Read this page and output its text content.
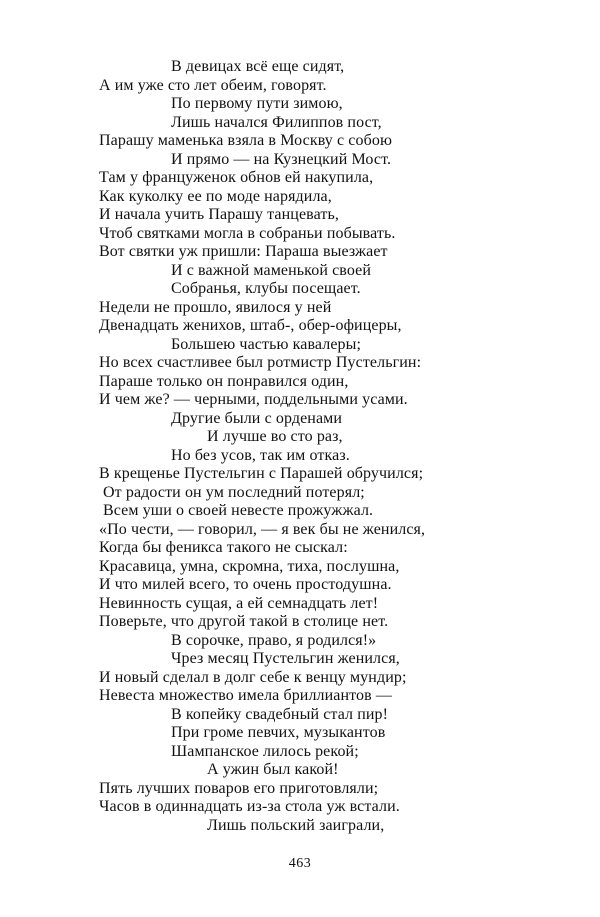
В девицах всё еще сидят,
А им уже сто лет обеим, говорят.
По первому пути зимою,
Лишь начался Филиппов пост,
Парашу маменька взяла в Москву с собою
И прямо — на Кузнецкий Мост.
Там у француженок обнов ей накупила,
Как куколку ее по моде нарядила,
И начала учить Парашу танцевать,
Чтоб святками могла в собраньи побывать.
Вот святки уж пришли: Параша выезжает
И с важной маменькой своей
Собранья, клубы посещает.
Недели не прошло, явилося у ней
Двенадцать женихов, штаб-, обер-офицеры,
Большею частью кавалеры;
Но всех счастливее был ротмистр Пустельгин:
Параше только он понравился один,
И чем же? — черными, поддельными усами.
Другие были с орденами
И лучше во сто раз,
Но без усов, так им отказ.
В крещенье Пустельгин с Парашей обручился;
От радости он ум последний потерял;
Всем уши о своей невесте прожужжал.
«По чести, — говорил, — я век бы не женился,
Когда бы феникса такого не сыскал:
Красавица, умна, скромна, тиха, послушна,
И что милей всего, то очень простодушна.
Невинность сущая, а ей семнадцать лет!
Поверьте, что другой такой в столице нет.
В сорочке, право, я родился!»
Чрез месяц Пустельгин женился,
И новый сделал в долг себе к венцу мундир;
Невеста множество имела бриллиантов —
В копейку свадебный стал пир!
При громе певчих, музыкантов
Шампанское лилось рекой;
А ужин был какой!
Пять лучших поваров его приготовляли;
Часов в одиннадцать из-за стола уж встали.
Лишь польский заиграли,
463
